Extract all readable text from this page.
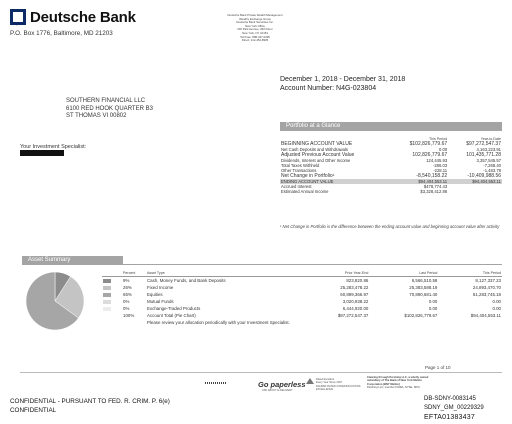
Deutsche Bank
P.O. Box 1776, Baltimore, MD 21203
Deutsche Bank Private Wealth Management
Wealthy Exchange Group
Deutsche Bank Securities Inc.
New York Office
345 Park Avenue, 26th Floor
New York, NY 10154
Toll Free: 888-427-0395
Direct: 212-454-8905
December 1, 2018 - December 31, 2018
Account Number: N4G-023804
SOUTHERN FINANCIAL LLC
6100 RED HOOK QUARTER B3
ST THOMAS VI 00802
Your Investment Specialist:
Portfolio at a Glance
	This Period	Year-to-Date
BEGINNING ACCOUNT VALUE	$102,826,779.67	$97,272,547.37
Net Cash Deposits and Withdrawals	0.00	4,163,223.91
Adjusted Previous Account Value	102,826,779.67	101,435,771.28
Dividends, Interest and Other Income	124,445.93	3,357,545.57
Total Taxes Withheld	-286.03	-7,268.40
Other Transactions	-228.11	-1,483.78
Net Change in Portfolio¹	-8,540,158.22	-10,409,988.56
ENDING ACCOUNT VALUE	$94,404,553.11	$94,404,553.11
Accrued Interest	$478,774.43	
Estimated Annual Income	$3,328,412.86	
¹ Net Change in Portfolio is the difference between the ending account value and beginning account value after activity
Asset Summary
	Percent	Asset Type	Prior Year-End	Last Period	This Period
	9%	Cash, Money Funds, and Bank Deposits	823,820.86	6,566,510.58	8,127,337.23
	26%	Fixed Income	25,283,478.22	25,383,588.19	24,893,470.70
	65%	Equities	60,899,366.97	70,890,681.40	61,283,745.18
	0%	Mutual Funds	3,020,938.22	0.00	0.00
	0%	Exchange-Traded Products	6,444,920.00	0.00	0.00
	100%	Account Total (Pie Chart)	$97,272,547.37	$102,826,779.67	$94,404,553.11
		Please review your allocation periodically with your Investment Specialist.			
Page 1 of 10
Go paperless
ASK ABOUT E-DELIVERY
Rated Excellent
Every Year Since 2007
DALBAR RATED COMMUNICATIONS
EXCELLENCE
Clearing through Pershing LLC, a wholly owned
subsidiary of The Bank of New York Mellon
Corporation (BNY Mellon)
Pershing LLC, member FINRA, NYSE, SIPC
CONFIDENTIAL - PURSUANT TO FED. R. CRIM. P. 6(e)
CONFIDENTIAL
DB-SDNY-0083145
SDNY_GM_00229329
EFTA01383437
